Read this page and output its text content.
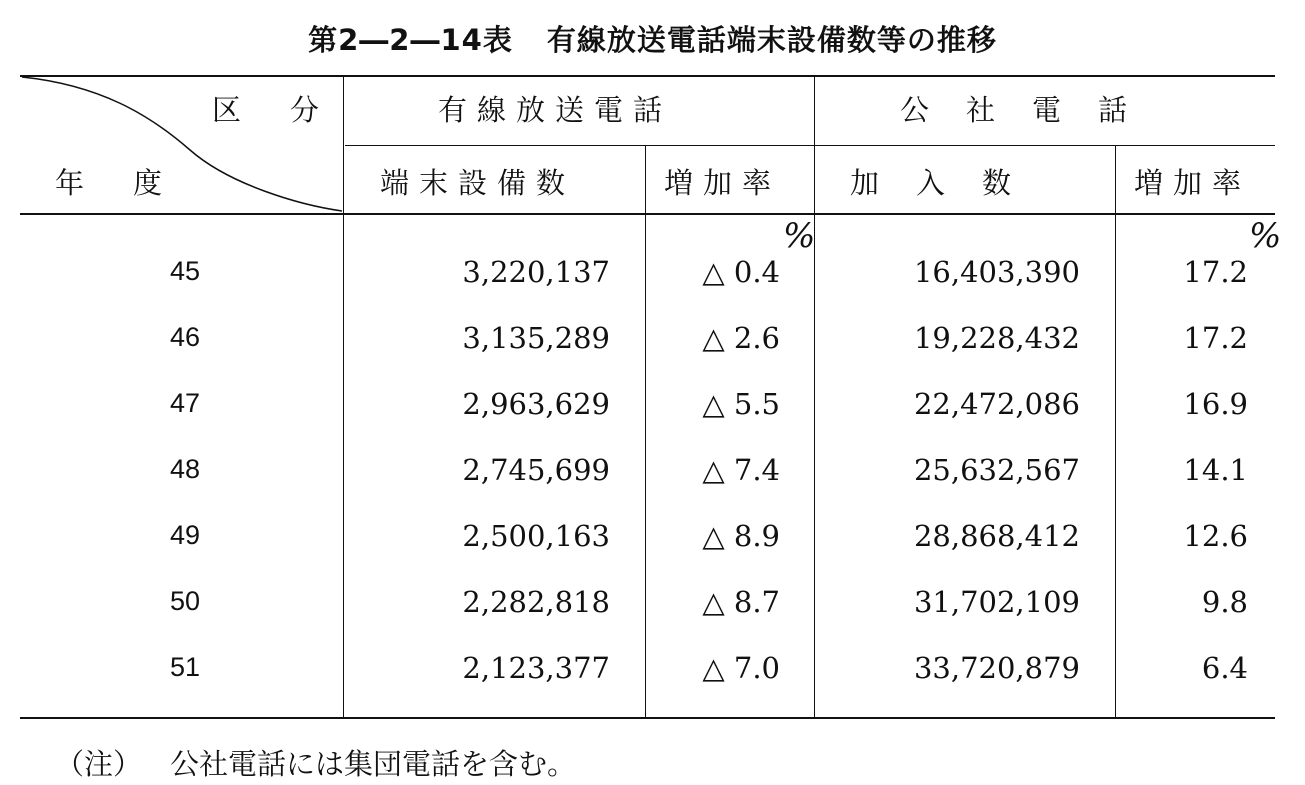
第2―2―14表 有線放送電話端末設備数等の推移
区　分
年　度
有線放送電話	公　社　電　話
端末設備数	増加率 加　入　数	増加率
%	%
45	3,220,137	△ 0.4	16,403,390	17.2
46	3,135,289	△ 2.6	19,228,432	17.2
47	2,963,629	△ 5.5	22,472,086	16.9
48	2,745,699	△ 7.4	25,632,567	14.1
49	2,500,163	△ 8.9	28,868,412	12.6
50	2,282,818	△ 8.7	31,702,109	9.8
51	2,123,377	△ 7.0	33,720,879	6.4
（注） 公社電話には集団電話を含む。
